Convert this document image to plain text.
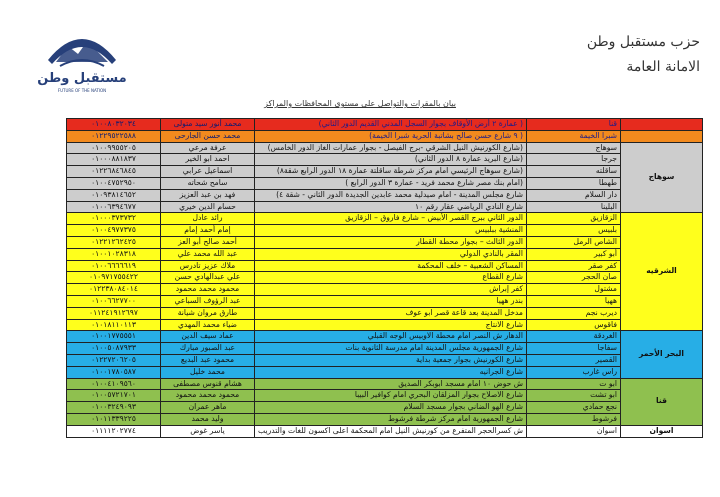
مستقبل وطن
FUTURE OF THE NATION
حزب مستقبل وطن
الامانة العامة
بيان بالمقرات والتواصل على مستوى المحافظات والمراكز
٠١٠٠٨٠٣٢٠٣٤	محمد أنور سيد متولى	( عمارة ٢ أرض الأوقاف بجوار السجل المدني القديم الدور الثاني)	قنا	
٠١٢٢٩٥٢٢٥٨٨	محمد حسن الجارحى	( ٩ شارع حسن صالح بشاتبة الحرية شبرا الخيمة)	شبرا الخيمة	
٠١٠٠٩٩٥٥٢٠٥	عرفة مرعي	(شارع الكورنيش النيل الشرقي -برج الفيصل - بجوار عمارات الغاز الدور الخامس)	سوهاج	سوهاج
٠١٠٠٠٨٨١٨٣٧	احمد ابو الخير	(شارع البريد عمارة ٨ الدور الثاني)	جرجا	
٠١٢٢٦٨٤٦٨٤٥	اسماعيل عرابي	(شارع سوهاج الرئيسي امام مركز شرطة ساقلتة عمارة ١٨ الدور الرابع شقة٨)	ساقلته	
٠١٠٠٤٧٥٢٩٥٠	سامح شحاته	(امام بنك مصر شارع محمد فريد - عمارة ٣ الدور الرابع )	طهطا	
٠١٠٩٣٨١٤٦٥٢	فهد بن عبد العزيز	شارع مجلس المدينة - امام صيدلية محمد عابدين الجديدة الدور الثاني - شقة ٤)	دار السلام	
٠١٠٠٦٣٩٤٦٧٧	حسام الدين خيري	شارع النادي الرياضي عقار رقم ١٠	البلينا	
٠١٠٠٠٣٧٣٧٣٢	رائد عادل	الدور الثاني ببرج القصر الأبيض – شارع فاروق – الزقازيق	الزقازيق	الشرقيه
٠١٠٠٤٩٧٧٣٧٥	إمام أحمد إمام	المنشية ببلبيس	بلبيس	
٠١٢٢١٢٦٢٤٢٥	أحمد صالح أبو العز	الدور الثالث – بجوار محطة القطار	الشاص الرمل	
٠١٠٠١٠٢٨٣١٨	عبد الله محمد علي	المقر بالنادي الدولي	أبو كبير	
٠١٠٠٦٦٦٦٦١٩	ملاك عزيز تادرس	المساكن الشعبية – خلف المحكمة	كفر صقر	
٠١٠٩٧١٧٥٥٤٢٢	علي عبدالهادي حسن	شارع القطاع	صان الحجر	
٠١٢٢٣٨٠٨٤٠١٤	محمود محمد محمود	كفر إبراش	مشتول	
٠١٠٠٦٦٢٧٧٠٠	عبد الرؤوف السباعي	بندر ههيا	ههيا	
٠١١٢٤١٩١٢٦٩٧	طارق مروان شيانة	مدخل المدينة بعد قاعة قصر ابو عوف	ديرب نجم	
٠١٠١٨١١٠١١٣	ضياء محمد المهدي	شارع الانتاج	فاقوس	
٠١٠٠١٧٧٥٥٥١	عماد سيف الدين	الدهار ش النصر امام محطة الاوبيس الوجه القبلي	الغردقة	البحر الأحمر
٠١٠٠٥٠٨٧٩٣٣	عبد الصبور مبارك	شارع الجمهورية مجلس المدينة امام مدرسة الثانوية بنات	سفاجا	
٠١٢٢٧٢٠٦٢٠٥	محمود عبد البديع	شارع الكورنيش بجوار جمعية بداية	القصير	
٠١٠٠١٧٨٠٥٨٧	محمد خليل	شارع الجرانيه	راس غارب	
٠١٠٠٤١٠٩٥٦٠	هشام قنوس مصطفى	ش حوض ١٠ امام مسجد ابوبكر الصديق	ابو ت	قنا
٠١٠٠٥٧٢١٧٠١	محمود محمد محمود	شارع الاصلاح بجوار المزلقان البحري امام كوافير البيبا	ابو تشت	
٠١٠٠٣٢٤٩٠٩٣	ماهر عمران	شارع الهو الضاني بجوار مسجد السلام	نجع حمادي	
٠١٠١١٣٣٩٢٢٥	وليد محمد	شارع الجمهورية امام مركز شرطة فرشوط	فرشوط	
٠١١١١٢٠٢٧٧٤	ياسر غوض	ش كسرالحجر المتفرع من كورنيش النيل امام المحكمة اعلى اكسون للغات والتدريب	اسوان	اسوان
